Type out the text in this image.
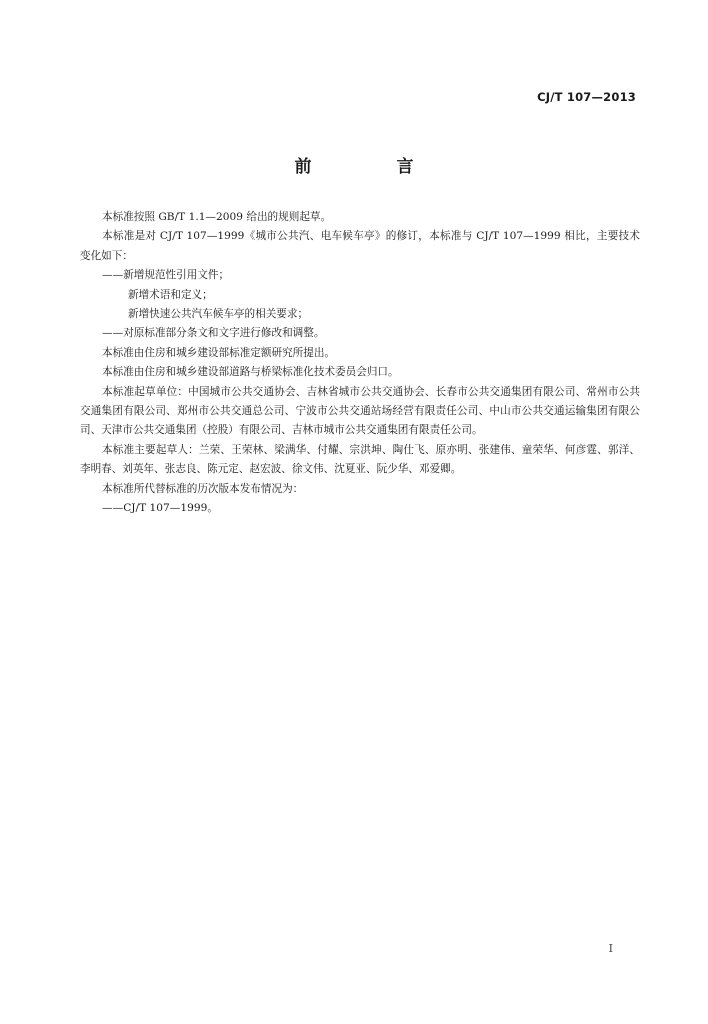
CJ/T 107—2013
前　言

本标准按照 GB/T 1.1—2009 给出的规则起草。

本标准是对 CJ/T 107—1999《城市公共汽、电车候车亭》的修订，本标准与 CJ/T 107—1999 相比，主要技术变化如下：

——新增规范性引用文件；

新增术语和定义；

新增快速公共汽车候车亭的相关要求；

——对原标准部分条文和文字进行修改和调整。

本标准由住房和城乡建设部标准定额研究所提出。

本标准由住房和城乡建设部道路与桥梁标准化技术委员会归口。

本标准起草单位：中国城市公共交通协会、吉林省城市公共交通协会、长春市公共交通集团有限公司、常州市公共交通集团有限公司、郑州市公共交通总公司、宁波市公共交通站场经营有限责任公司、中山市公共交通运输集团有限公司、天津市公共交通集团（控股）有限公司、吉林市城市公共交通集团有限责任公司。

本标准主要起草人：兰荣、王荣林、梁满华、付耀、宗洪坤、陶仕飞、原亦明、张建伟、童荣华、何彦霆、郭洋、李明春、刘英年、张志良、陈元定、赵宏波、徐文伟、沈夏亚、阮少华、邓爱卿。

本标准所代替标准的历次版本发布情况为：

——CJ/T 107—1999。

I
